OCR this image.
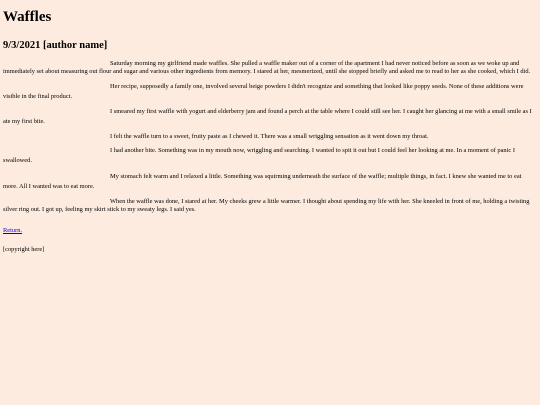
Waffles
9/3/2021 [author name]

Saturday morning my girlfriend made waffles. She pulled a waffle maker out of a corner of the apartment I had never noticed before as soon as we woke up and immediately set about measuring out flour and sugar and various other ingredients from memory. I stared at her, mesmerized, until she stopped briefly and asked me to read to her as she cooked, which I did.

Her recipe, supposedly a family one, involved several beige powders I didn't recognize and something that looked like poppy seeds. None of these additions were visible in the final product.

I smeared my first waffle with yogurt and elderberry jam and found a perch at the table where I could still see her. I caught her glancing at me with a small smile as I ate my first bite.

I felt the waffle turn to a sweet, fruity paste as I chewed it. There was a small wriggling sensation as it went down my throat.

I had another bite. Something was in my mouth now, wriggling and searching. I wanted to spit it out but I could feel her looking at me. In a moment of panic I swallowed.

My stomach felt warm and I relaxed a little. Something was squirming underneath the surface of the waffle; multiple things, in fact. I knew she wanted me to eat more. All I wanted was to eat more.

When the waffle was done, I stared at her. My cheeks grew a little warmer. I thought about spending my life with her. She kneeled in front of me, holding a twisting silver ring out. I got up, feeling my skirt stick to my sweaty legs. I said yes.

Return.
[copyright here]
